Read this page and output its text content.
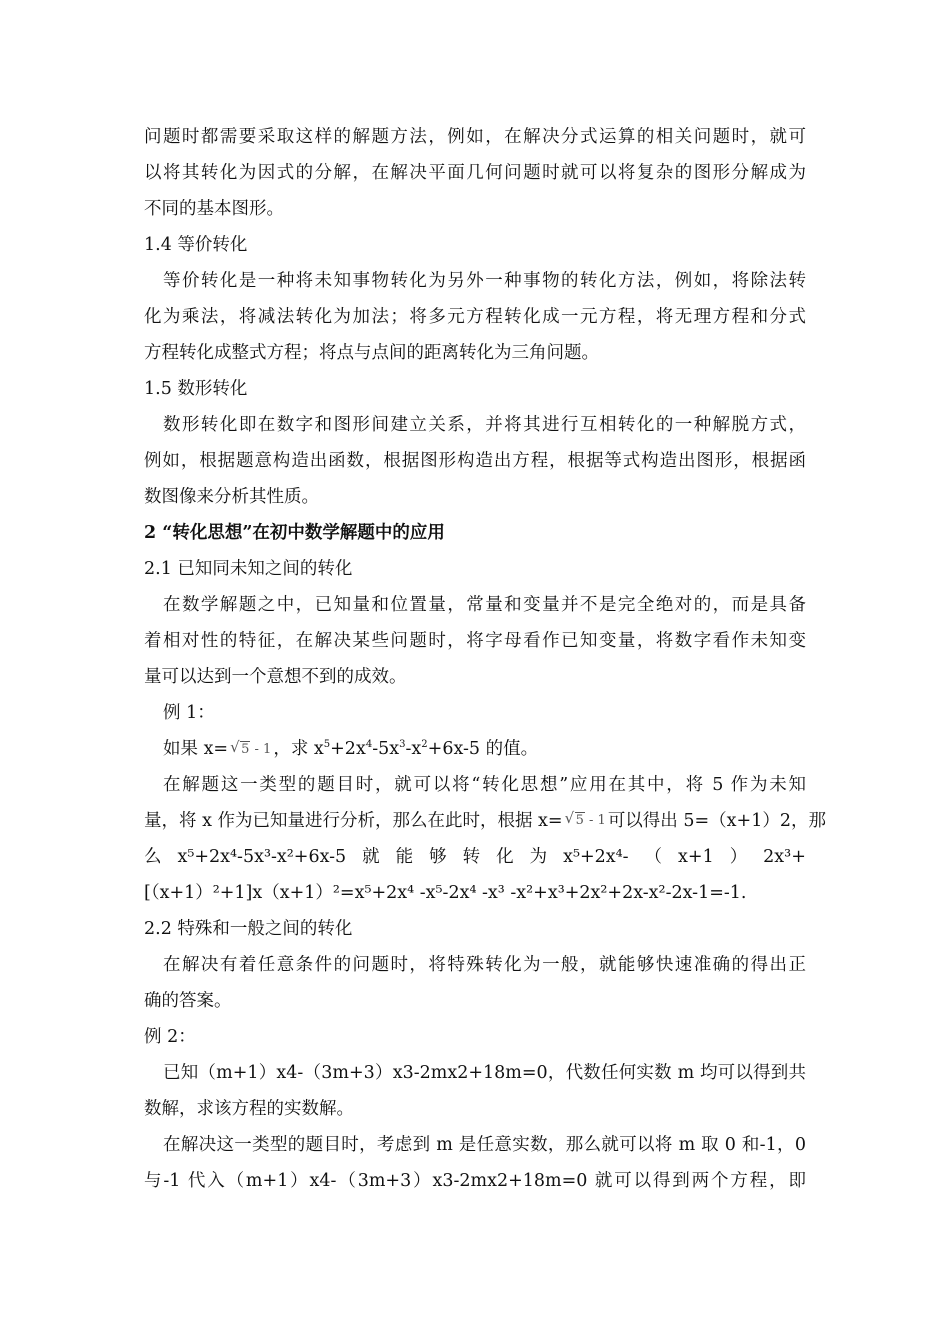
问题时都需要采取这样的解题方法，例如，在解决分式运算的相关问题时，就可
以将其转化为因式的分解，在解决平面几何问题时就可以将复杂的图形分解成为
不同的基本图形。
1.4 等价转化
等价转化是一种将未知事物转化为另外一种事物的转化方法，例如，将除法转
化为乘法，将减法转化为加法；将多元方程转化成一元方程，将无理方程和分式
方程转化成整式方程；将点与点间的距离转化为三角问题。
1.5 数形转化
数形转化即在数字和图形间建立关系，并将其进行互相转化的一种解脱方式，
例如，根据题意构造出函数，根据图形构造出方程，根据等式构造出图形，根据函
数图像来分析其性质。
2 “转化思想”在初中数学解题中的应用
2.1 已知同未知之间的转化
在数学解题之中，已知量和位置量，常量和变量并不是完全绝对的，而是具备
着相对性的特征，在解决某些问题时，将字母看作已知变量，将数字看作未知变
量可以达到一个意想不到的成效。
例 1：
如果 x= √ 5 - 1 ，求 $x^5+2x^4-5x^3-x^2+6x-5$ 的值。
在解题这一类型的题目时，就可以将“转化思想”应用在其中，将 5 作为未知
量，将 x 作为已知量进行分析，那么在此时，根据 x=	√ 5 - 1 可以得出 5=（x+1）2，那
么 x⁵+2x⁴-5x³-x²+6x-5 就 能 够 转 化 为 x⁵+2x⁴- （ x+1 ） 2x³+
[（x+1）²+1]x（x+1）²=x⁵+2x⁴ -x⁵-2x⁴ -x³ -x²+x³+2x²+2x-x²-2x-1=-1.
2.2 特殊和一般之间的转化
在解决有着任意条件的问题时，将特殊转化为一般，就能够快速准确的得出正
确的答案。
例 2：
已知（m+1）x4-（3m+3）x3-2mx2+18m=0，代数任何实数 m 均可以得到共
数解，求该方程的实数解。
在解决这一类型的题目时，考虑到 m 是任意实数，那么就可以将 m 取 0 和-1，0
与-1 代入（m+1）x4-（3m+3）x3-2mx2+18m=0 就可以得到两个方程，即
